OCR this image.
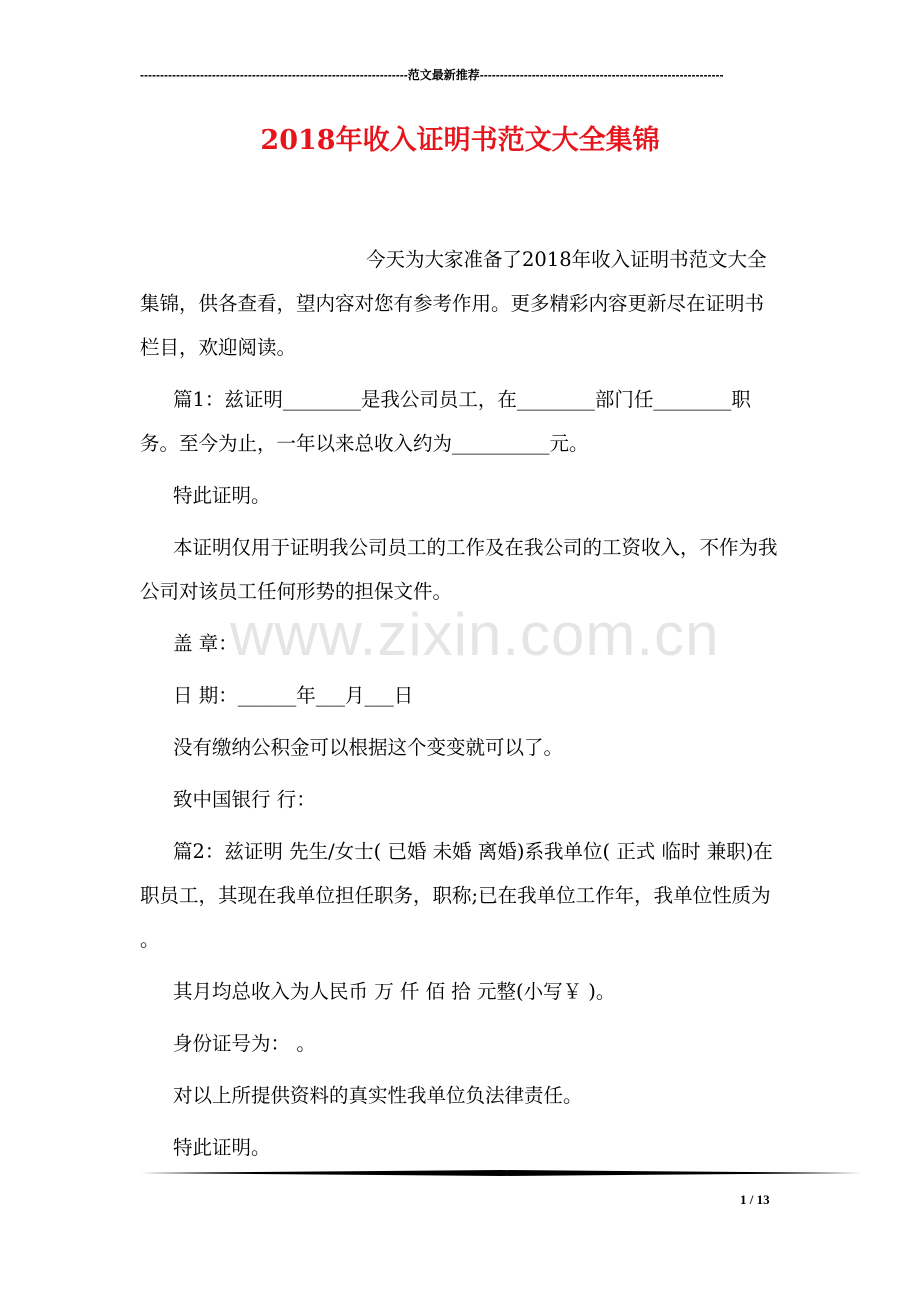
-------------------------------------------------------------------范文最新推荐-------------------------------------------------------------
2018年收入证明书范文大全集锦
www.zixin.com.cn

今天为大家准备了2018年收入证明书范文大全集锦，供各查看，望内容对您有参考作用。更多精彩内容更新尽在证明书栏目，欢迎阅读。

篇1：兹证明________是我公司员工，在________部门任________职务。至今为止，一年以来总收入约为__________元。

特此证明。

本证明仅用于证明我公司员工的工作及在我公司的工资收入，不作为我公司对该员工任何形势的担保文件。

盖 章：

日 期：______年___月___日

没有缴纳公积金可以根据这个变变就可以了。

致中国银行 行：

篇2：兹证明 先生/女士( 已婚 未婚 离婚)系我单位( 正式 临时 兼职)在职员工，其现在我单位担任职务，职称;已在我单位工作年，我单位性质为 。

其月均总收入为人民币 万 仟 佰 拾 元整(小写￥ )。

身份证号为： 。

对以上所提供资料的真实性我单位负法律责任。

特此证明。

1 / 13
